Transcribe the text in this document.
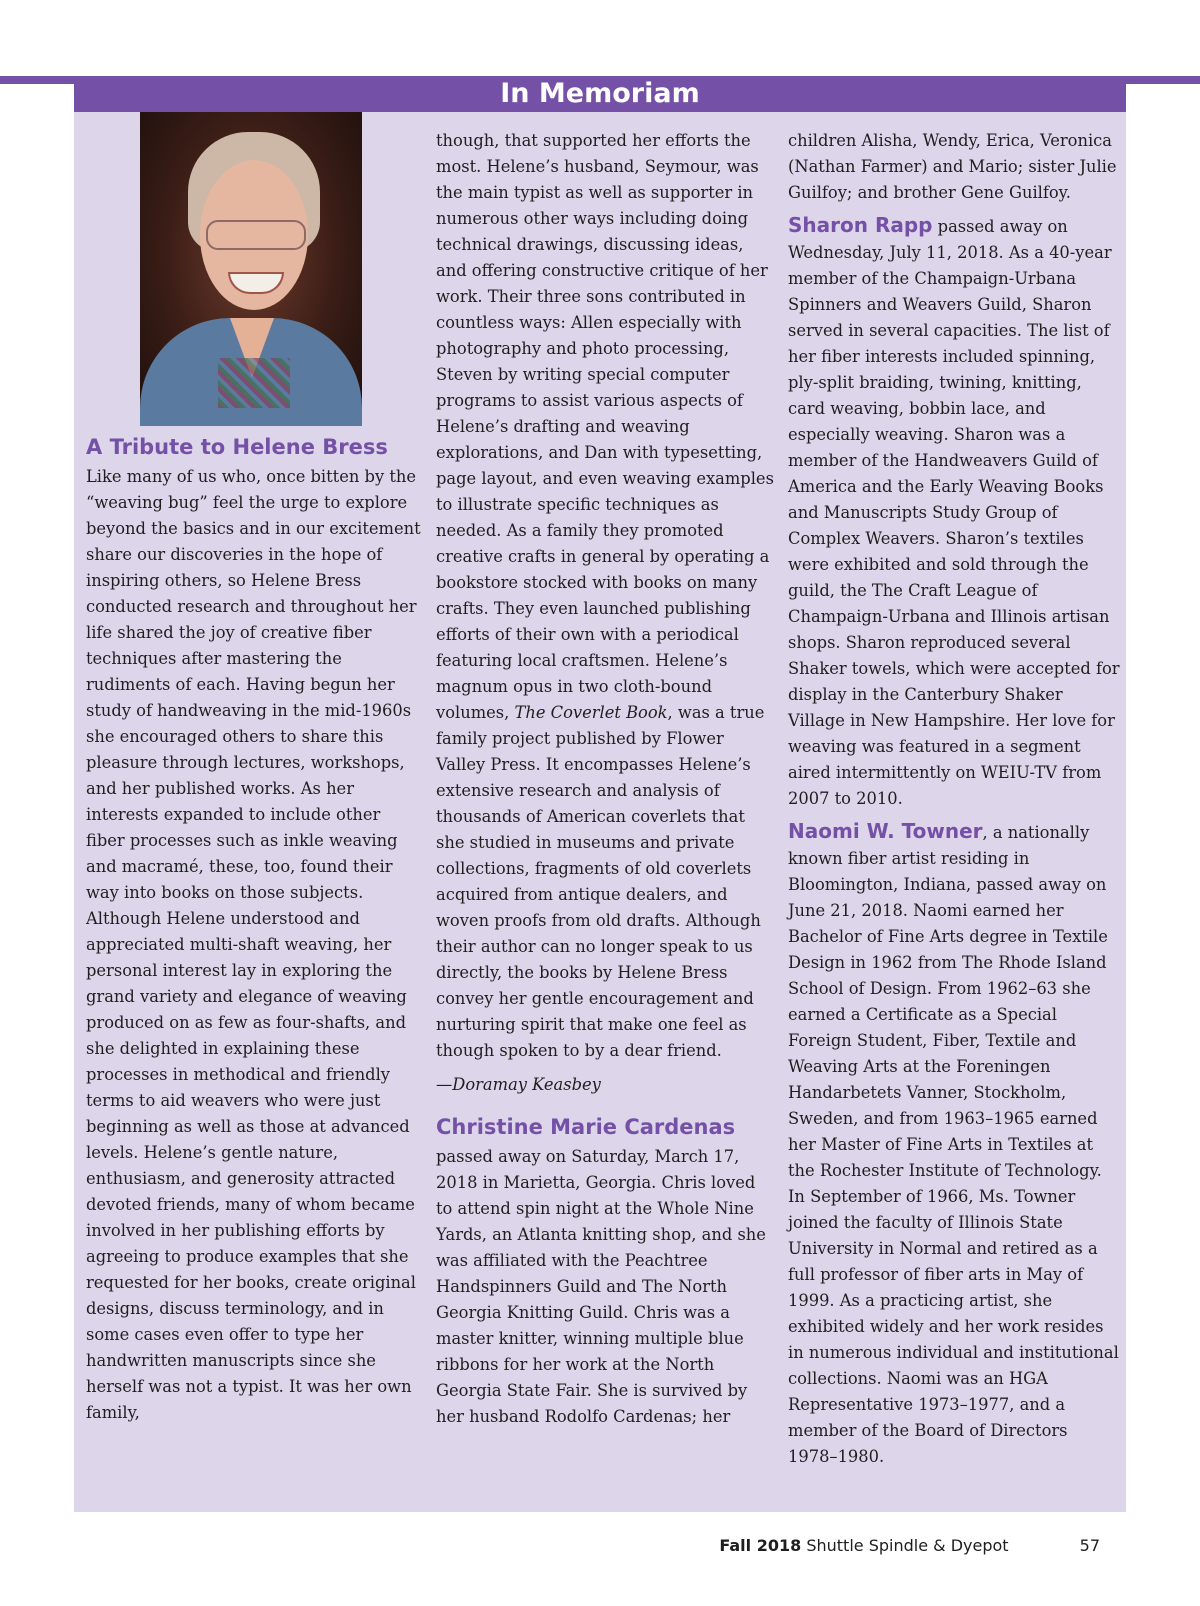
In Memoriam
A Tribute to Helene Bress

Like many of us who, once bitten by the “weaving bug” feel the urge to explore beyond the basics and in our excitement share our discoveries in the hope of inspiring others, so Helene Bress conducted research and throughout her life shared the joy of creative fiber techniques after mastering the rudiments of each. Having begun her study of handweaving in the mid-1960s she encouraged others to share this pleasure through lectures, workshops, and her published works. As her interests expanded to include other fiber processes such as inkle weaving and macramé, these, too, found their way into books on those subjects. Although Helene understood and appreciated multi-shaft weaving, her personal interest lay in exploring the grand variety and elegance of weaving produced on as few as four-shafts, and she delighted in explaining these processes in methodical and friendly terms to aid weavers who were just beginning as well as those at advanced levels. Helene’s gentle nature, enthusiasm, and generosity attracted devoted friends, many of whom became involved in her publishing efforts by agreeing to produce examples that she requested for her books, create original designs, discuss terminology, and in some cases even offer to type her handwritten manuscripts since she herself was not a typist. It was her own family,

though, that supported her efforts the most. Helene’s husband, Seymour, was the main typist as well as supporter in numerous other ways including doing technical drawings, discussing ideas, and offering constructive critique of her work. Their three sons contributed in countless ways: Allen especially with photography and photo processing, Steven by writing special computer programs to assist various aspects of Helene’s drafting and weaving explorations, and Dan with typesetting, page layout, and even weaving examples to illustrate specific techniques as needed. As a family they promoted creative crafts in general by operating a bookstore stocked with books on many crafts. They even launched publishing efforts of their own with a periodical featuring local craftsmen. Helene’s magnum opus in two cloth-bound volumes, The Coverlet Book, was a true family project published by Flower Valley Press. It encompasses Helene’s extensive research and analysis of thousands of American coverlets that she studied in museums and private collections, fragments of old coverlets acquired from antique dealers, and woven proofs from old drafts. Although their author can no longer speak to us directly, the books by Helene Bress convey her gentle encouragement and nurturing spirit that make one feel as though spoken to by a dear friend.

—Doramay Keasbey

Christine Marie Cardenas

passed away on Saturday, March 17, 2018 in Marietta, Georgia. Chris loved to attend spin night at the Whole Nine Yards, an Atlanta knitting shop, and she was affiliated with the Peachtree Handspinners Guild and The North Georgia Knitting Guild. Chris was a master knitter, winning multiple blue ribbons for her work at the North Georgia State Fair. She is survived by her husband Rodolfo Cardenas; her

children Alisha, Wendy, Erica, Veronica (Nathan Farmer) and Mario; sister Julie Guilfoy; and brother Gene Guilfoy.

Sharon Rapp passed away on Wednesday, July 11, 2018. As a 40-year member of the Champaign-Urbana Spinners and Weavers Guild, Sharon served in several capacities. The list of her fiber interests included spinning, ply-split braiding, twining, knitting, card weaving, bobbin lace, and especially weaving. Sharon was a member of the Handweavers Guild of America and the Early Weaving Books and Manuscripts Study Group of Complex Weavers. Sharon’s textiles were exhibited and sold through the guild, the The Craft League of Champaign-Urbana and Illinois artisan shops. Sharon reproduced several Shaker towels, which were accepted for display in the Canterbury Shaker Village in New Hampshire. Her love for weaving was featured in a segment aired intermittently on WEIU-TV from 2007 to 2010.

Naomi W. Towner, a nationally known fiber artist residing in Bloomington, Indiana, passed away on June 21, 2018. Naomi earned her Bachelor of Fine Arts degree in Textile Design in 1962 from The Rhode Island School of Design. From 1962–63 she earned a Certificate as a Special Foreign Student, Fiber, Textile and Weaving Arts at the Foreningen Handarbetets Vanner, Stockholm, Sweden, and from 1963–1965 earned her Master of Fine Arts in Textiles at the Rochester Institute of Technology. In September of 1966, Ms. Towner joined the faculty of Illinois State University in Normal and retired as a full professor of fiber arts in May of 1999. As a practicing artist, she exhibited widely and her work resides in numerous individual and institutional collections. Naomi was an HGA Representative 1973–1977, and a member of the Board of Directors 1978–1980.

Fall 2018 Shuttle Spindle & Dyepot	57
